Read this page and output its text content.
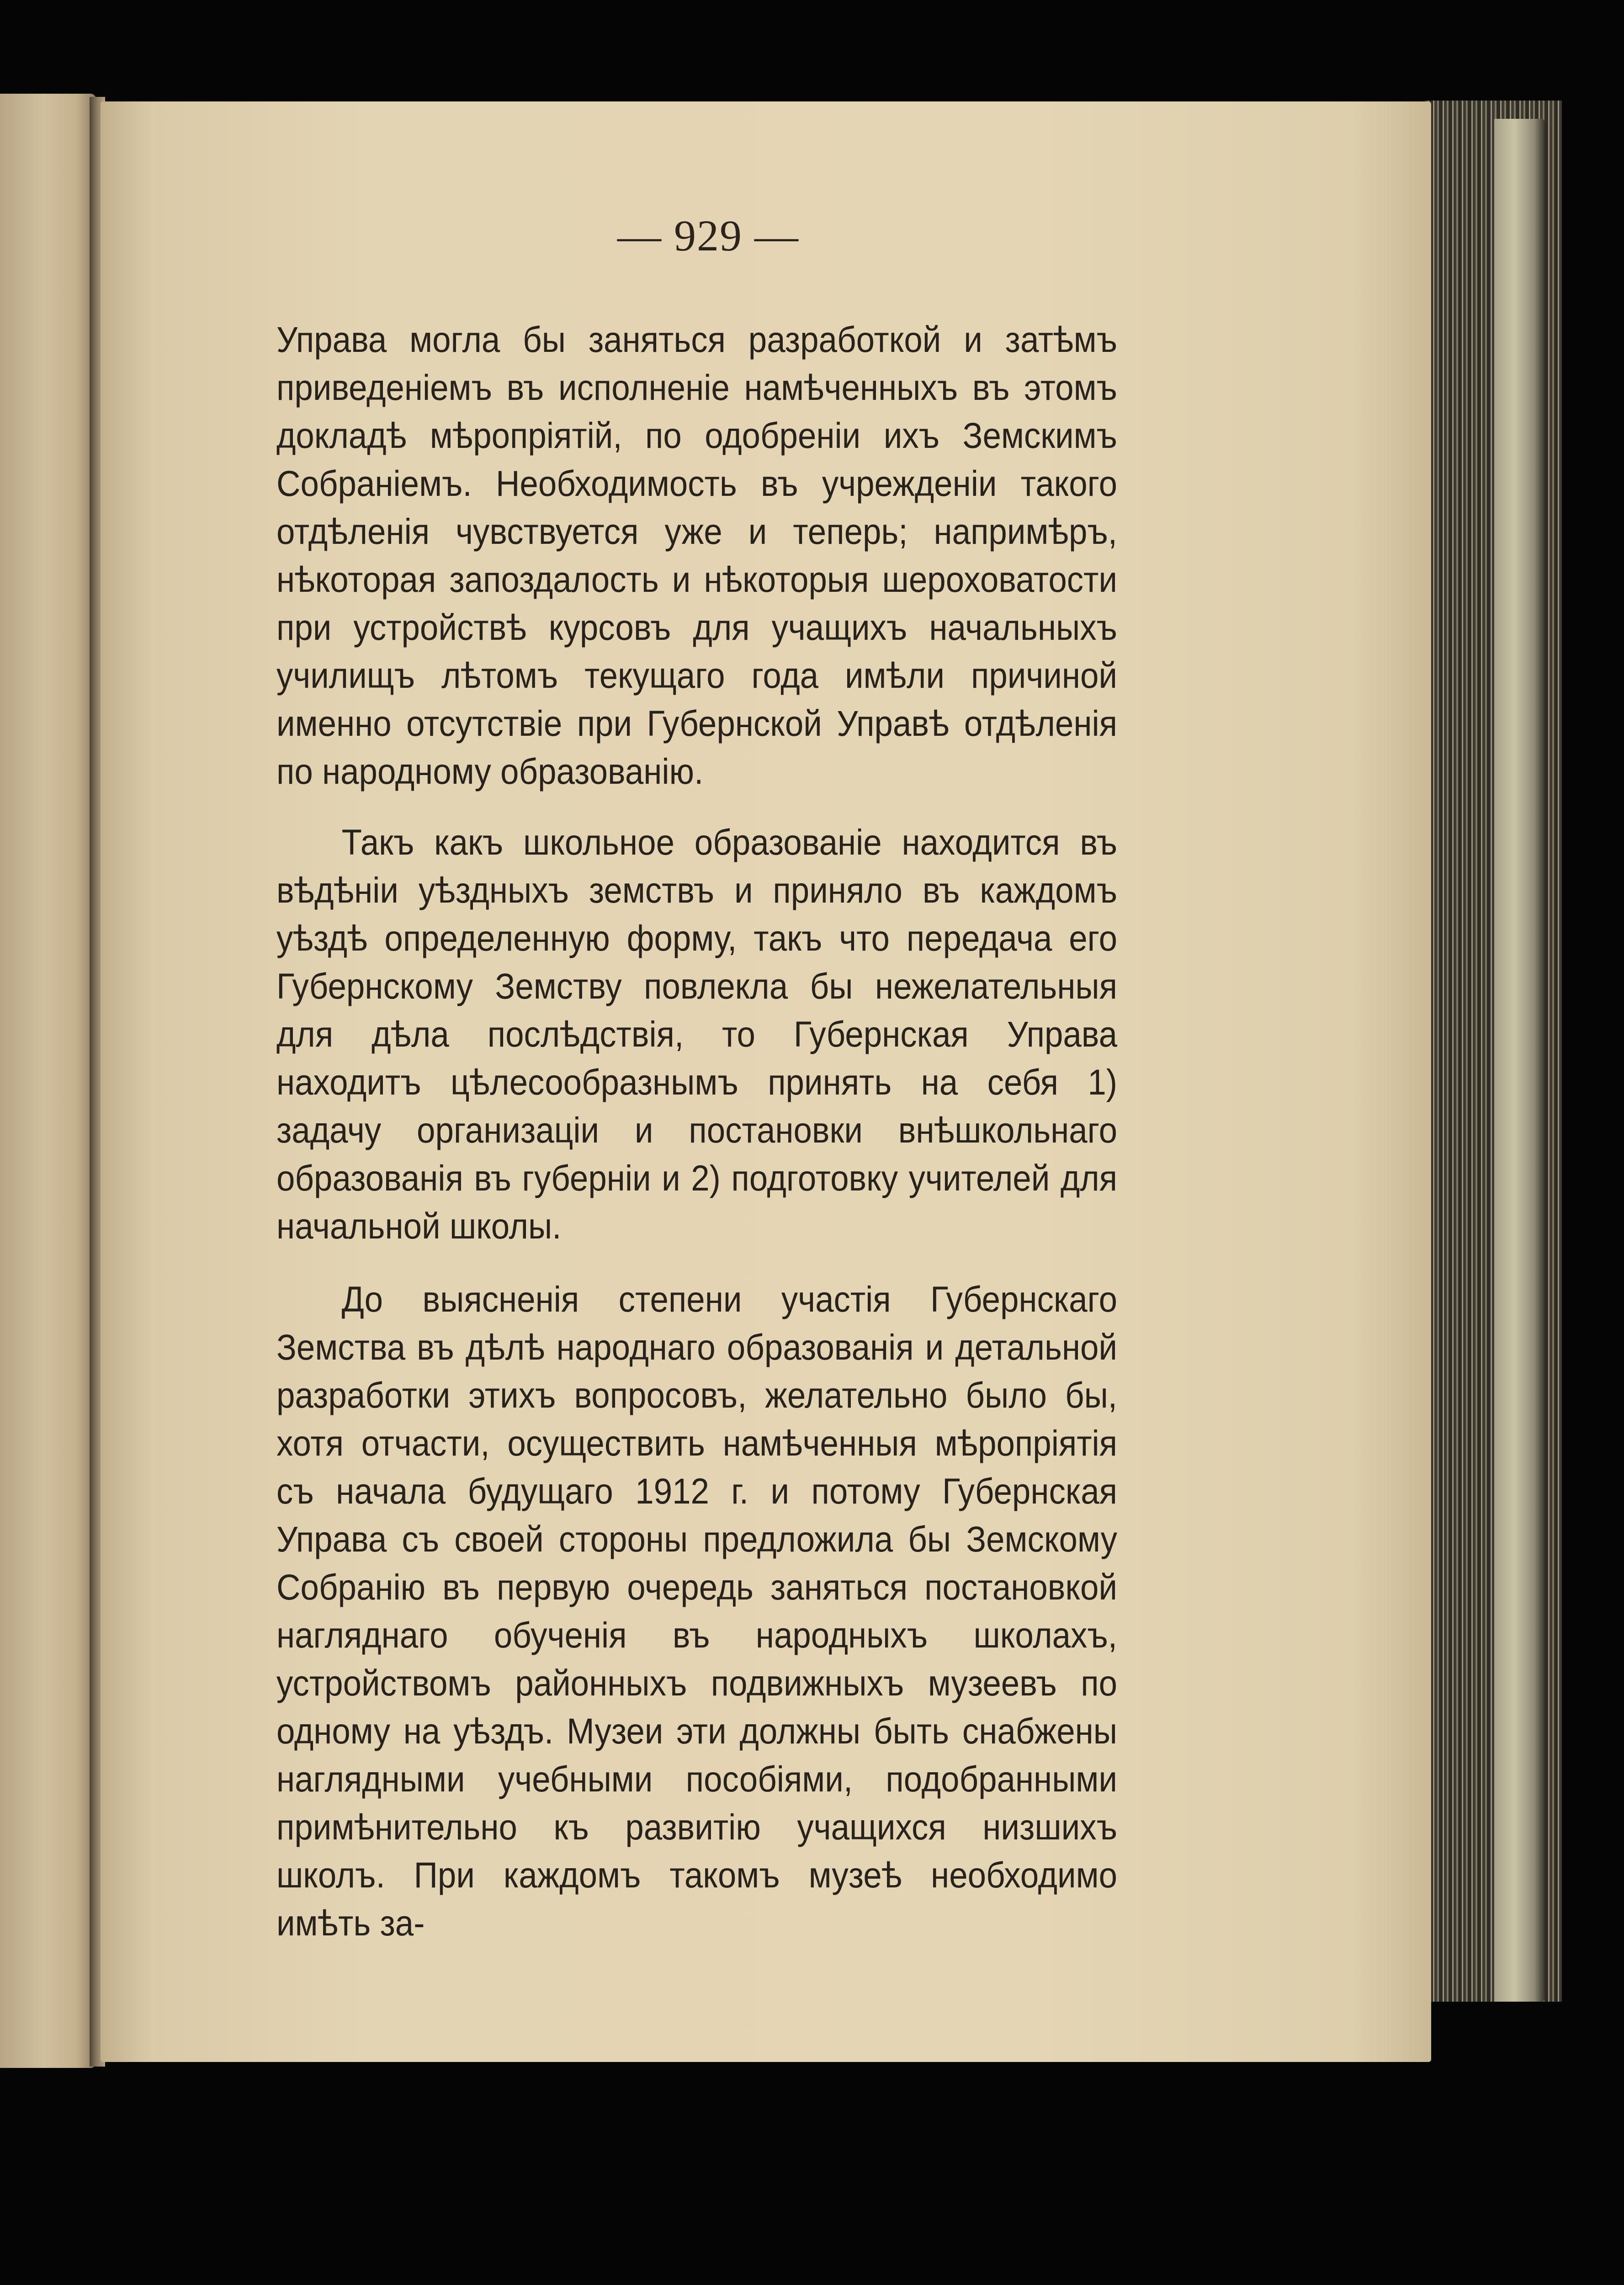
— 929 —

Управа могла бы заняться разработкой и затѣмъ приведеніемъ въ исполненіе намѣченныхъ въ этомъ докладѣ мѣропріятій, по одобреніи ихъ Земскимъ Собраніемъ. Необходимость въ учрежденіи такого отдѣленія чувствуется уже и теперь; напримѣръ, нѣкоторая запоздалость и нѣкоторыя шероховатости при устройствѣ курсовъ для учащихъ начальныхъ училищъ лѣтомъ текущаго года имѣли причиной именно отсутствіе при Губернской Управѣ отдѣленія по народному образованію.

Такъ какъ школьное образованіе находится въ вѣдѣніи уѣздныхъ земствъ и приняло въ каждомъ уѣздѣ определенную форму, такъ что передача его Губернскому Земству повлекла бы нежелательныя для дѣла послѣдствія, то Губернская Управа находитъ цѣлесообразнымъ принять на себя 1) задачу организаціи и постановки внѣшкольнаго образованія въ губерніи и 2) подготовку учителей для начальной школы.

До выясненія степени участія Губернскаго Земства въ дѣлѣ народнаго образованія и детальной разработки этихъ вопросовъ, желательно было бы, хотя отчасти, осуществить намѣченныя мѣропріятія съ начала будущаго 1912 г. и потому Губернская Управа съ своей стороны предложила бы Земскому Собранію въ первую очередь заняться постановкой нагляднаго обученія въ народныхъ школахъ, устройствомъ районныхъ подвижныхъ музеевъ по одному на уѣздъ. Музеи эти должны быть снабжены наглядными учебными пособіями, подобранными примѣнительно къ развитію учащихся низшихъ школъ. При каждомъ такомъ музеѣ необходимо имѣть за-
